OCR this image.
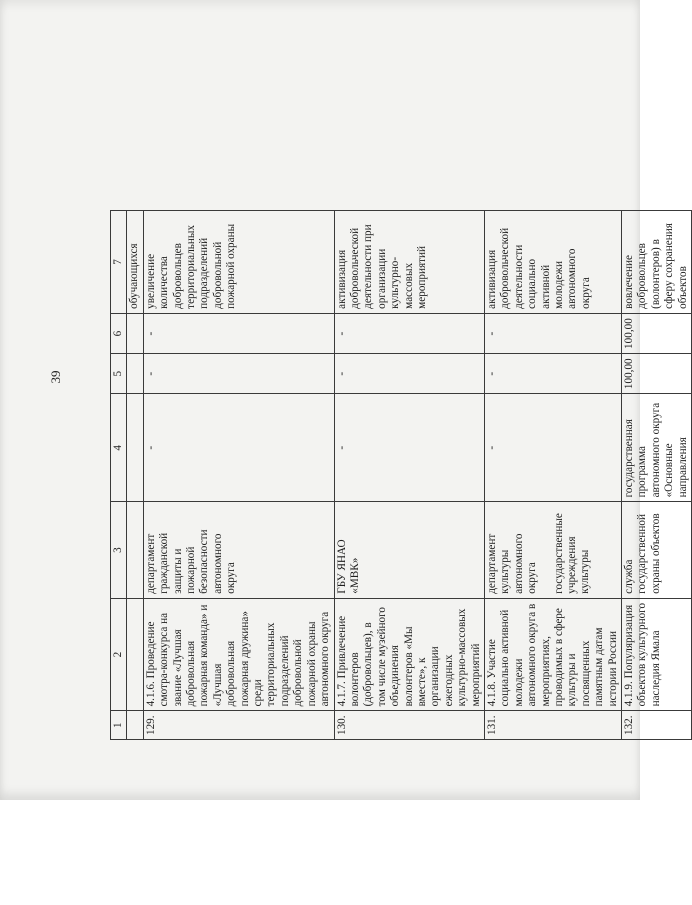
39
1	2	3	4	5	6	7
						обучающихся
129.	4.1.6. Проведение смотра-конкурса на звание «Лучшая добровольная пожарная команда» и «Лучшая добровольная пожарная дружина» среди территориальных подразделений добровольной пожарной охраны автономного округа	департамент гражданской защиты и пожарной безопасности автономного округа	-	-	-	увеличение количества добровольцев территориальных подразделений добровольной пожарной охраны
130.	4.1.7. Привлечение волонтеров (добровольцев), в том числе музейного объединения волонтеров «Мы вместе», к организации ежегодных культурно-массовых мероприятий	ГБУ ЯНАО «МВК»	-	-	-	активизация добровольческой деятельности при организации культурно-массовых мероприятий
131.	4.1.8. Участие социально активной молодежи автономного округа в мероприятиях, проводимых в сфере культуры и посвященных памятным датам истории России	департамент культуры автономного округа государственные учреждения культуры	-	-	-	активизация добровольческой деятельности социально активной молодежи автономного округа
132.	4.1.9. Популяризация объектов культурного наследия Ямала	служба государственной охраны объектов	государственная программа автономного округа «Основные направления	100,00	100,00	вовлечение добровольцев (волонтеров) в сферу сохранения объектов
